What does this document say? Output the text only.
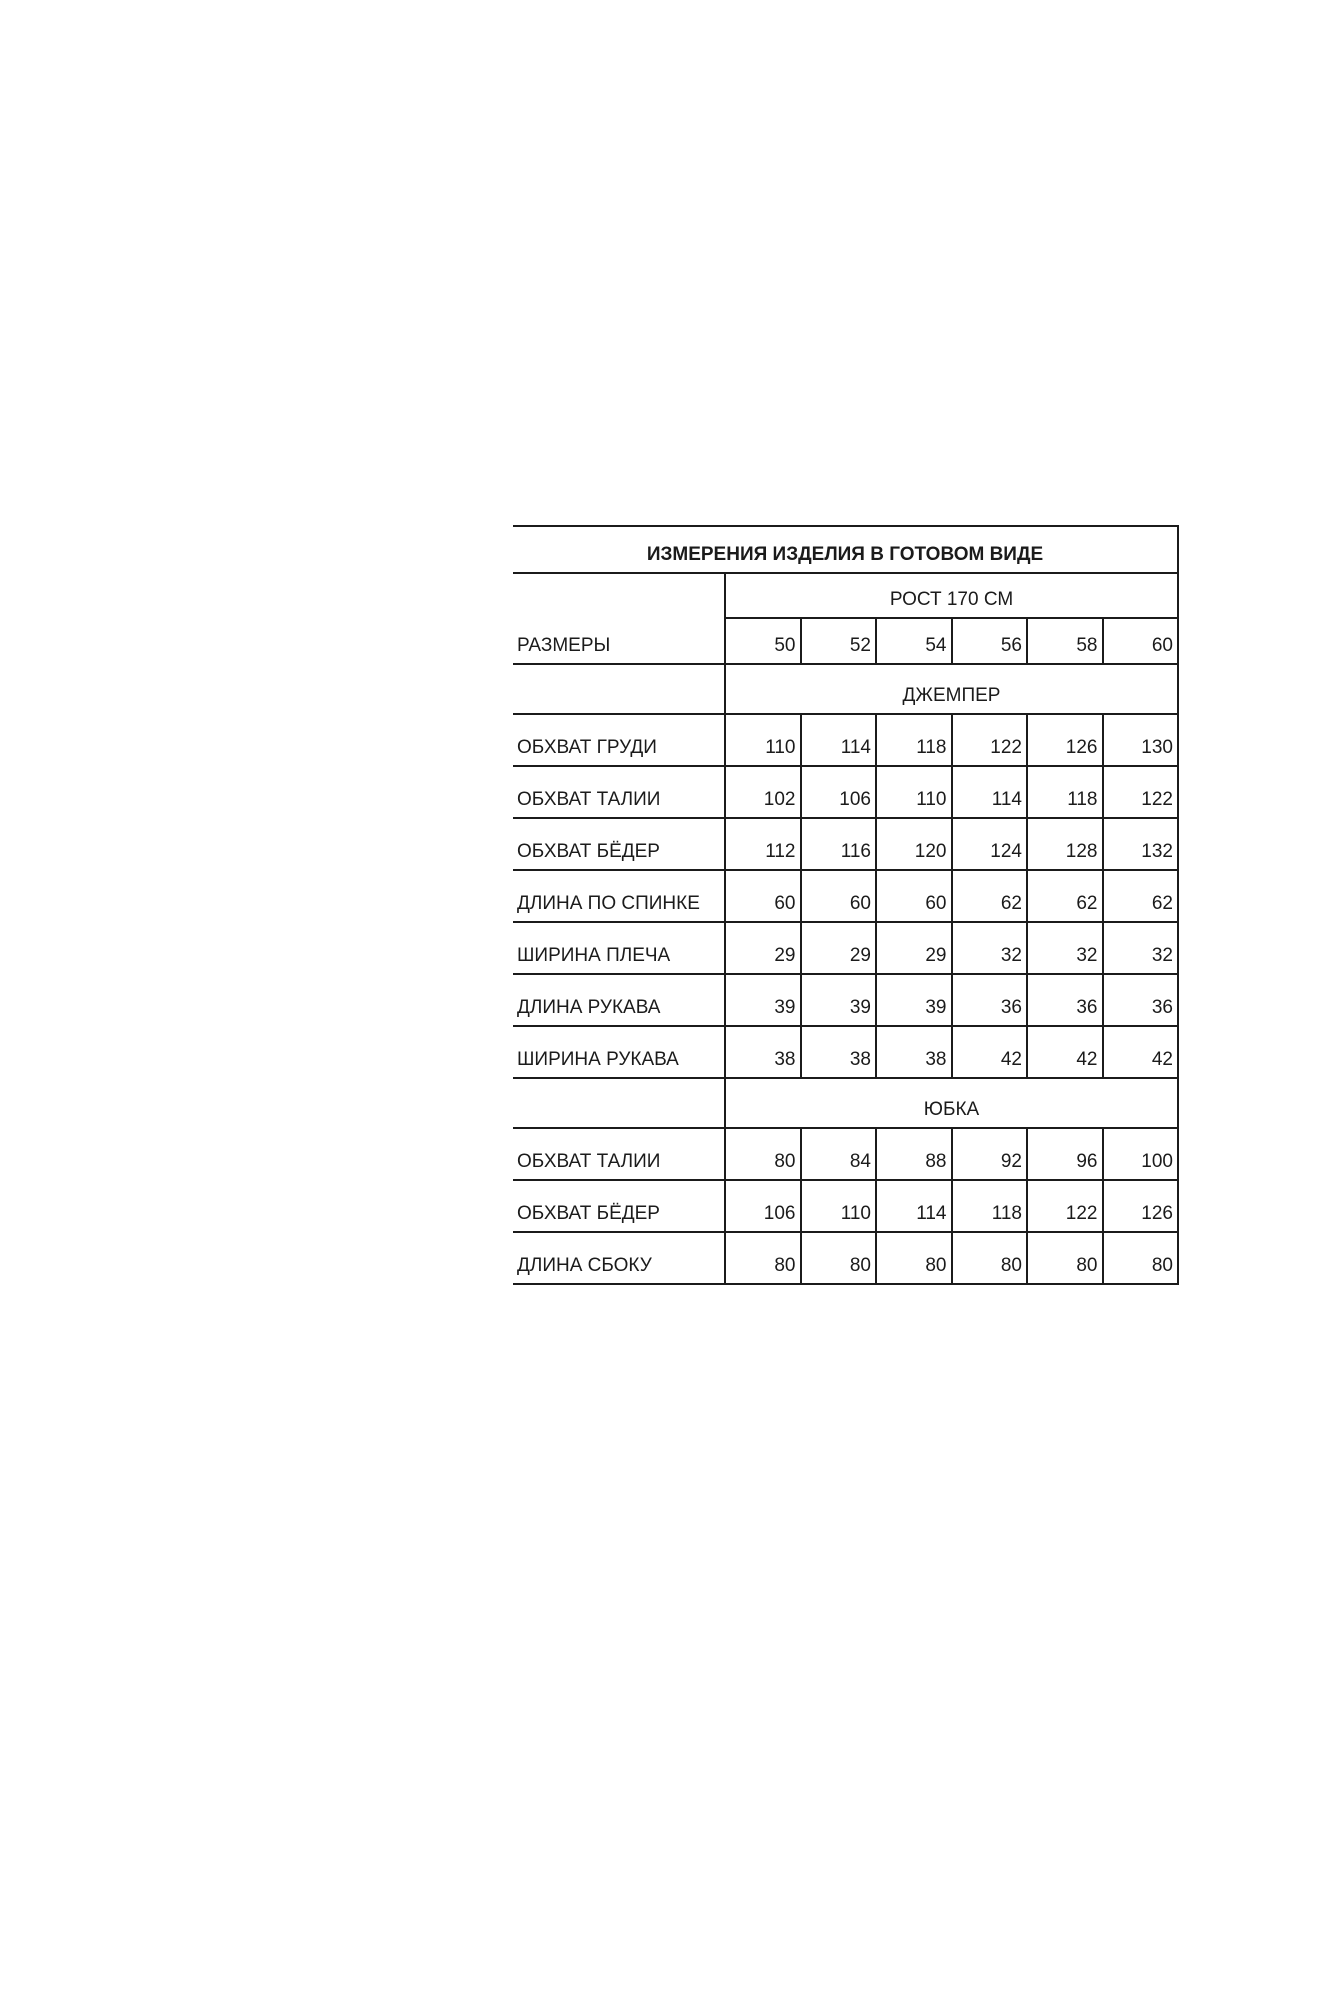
ИЗМЕРЕНИЯ ИЗДЕЛИЯ В ГОТОВОМ ВИДЕ						
	РОСТ 170 СМ					
РАЗМЕРЫ	50	52	54	56	58	60
	ДЖЕМПЕР					
ОБХВАТ ГРУДИ	110	114	118	122	126	130
ОБХВАТ ТАЛИИ	102	106	110	114	118	122
ОБХВАТ БЁДЕР	112	116	120	124	128	132
ДЛИНА ПО СПИНКЕ	60	60	60	62	62	62
ШИРИНА ПЛЕЧА	29	29	29	32	32	32
ДЛИНА РУКАВА	39	39	39	36	36	36
ШИРИНА РУКАВА	38	38	38	42	42	42
	ЮБКА					
ОБХВАТ ТАЛИИ	80	84	88	92	96	100
ОБХВАТ БЁДЕР	106	110	114	118	122	126
ДЛИНА СБОКУ	80	80	80	80	80	80
